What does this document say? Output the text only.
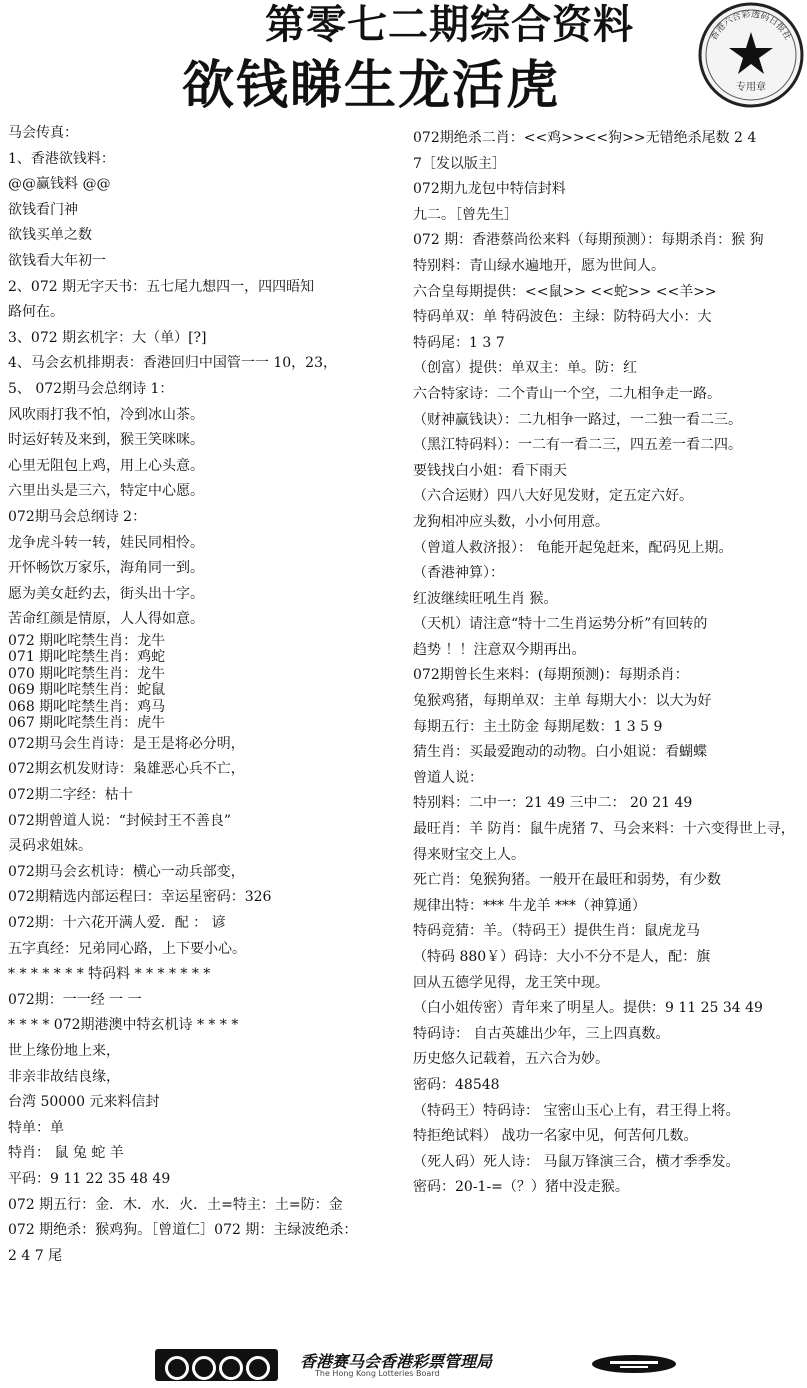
第零七二期综合资料
欲钱睇生龙活虎
香港六合彩透码日报社
专用章
马会传真：
1、香港欲钱料：
@@赢钱料 @@
欲钱看门神
欲钱买单之数
欲钱看大年初一
2、072 期无字天书：五七尾九想四一，四四晤知
路何在。
3、072 期玄机字：大（单）[?]
4、马会玄机排期表：香港回归中国管一一 10，23，
5、 072期马会总纲诗 1：
风吹雨打我不怕，冷到冰山茶。
时运好转及来到，猴王笑咪咪。
心里无阻包上鸡，用上心头意。
六里出头是三六，特定中心愿。
072期马会总纲诗 2：
龙争虎斗转一转，娃民同相怜。
开怀畅饮万家乐，海角同一到。
愿为美女赶约去，街头出十字。
苦命红颜是情原，人人得如意。
072 期叱咤禁生肖：龙牛
071 期叱咤禁生肖：鸡蛇
070 期叱咤禁生肖：龙牛
069 期叱咤禁生肖：蛇鼠
068 期叱咤禁生肖：鸡马
067 期叱咤禁生肖：虎牛
072期马会生肖诗：是王是将必分明，
072期玄机发财诗：枭雄恶心兵不亡，
072期二字经：枯十
072期曾道人说：“封候封王不善良”
灵码求姐妹。
072期马会玄机诗：横心一动兵部变，
072期精选内部运程曰：幸运星密码：326
072期：十六花开满人爱．配 ： 谚
五字真经：兄弟同心路，上下要小心。
* * * * * * * 特码料 * * * * * * *
072期：一一经 一 一
* * * * 072期港澳中特玄机诗 * * * *
世上缘份地上来，
非亲非故结良缘，
台湾 50000 元来料信封
特单：单
特肖： 鼠 兔 蛇 羊
平码：9 11 22 35 48 49
072 期五行：金．木．水．火．土=特主：土=防：金
072 期绝杀：猴鸡狗。［曾道仁］072 期：主绿波绝杀：
2 4 7 尾
072期绝杀二肖：<<鸡>><<狗>>无错绝杀尾数 2 4
7［发以版主］
072期九龙包中特信封料
九二。［曾先生］
072 期：香港蔡尚彸来料（每期预测）：每期杀肖：猴 狗
特别料：青山绿水遍地开，愿为世间人。
六合皇每期提供：<<鼠>> <<蛇>> <<羊>>
特码单双：单 特码波色：主绿：防特码大小：大
特码尾：1 3 7
（创富）提供：单双主：单。防：红
六合特家诗：二个青山一个空，二九相争走一路。
（财神赢钱诀）：二九相争一路过，一二独一看二三。
（黑江特码料）：一二有一看二三，四五差一看二四。
要钱找白小姐：看下雨天
（六合运财）四八大好见发财，定五定六好。
龙狗相冲应头数，小小何用意。
（曾道人救济报）： 龟能开起兔赶来，配码见上期。
（香港神算）：
红波继续旺吼生肖 猴。
（天机）请注意“特十二生肖运势分析”有回转的
趋势 ！！注意双今期再出。
072期曾长生来料：(每期预测)：每期杀肖：
兔猴鸡猪，每期单双：主单 每期大小：以大为好
每期五行：主土防金 每期尾数：1 3 5 9
猜生肖：买最爱跑动的动物。白小姐说：看蝴蝶
曾道人说：
特别料：二中一：21 49 三中二： 20 21 49
最旺肖：羊 防肖：鼠牛虎猪 7、马会来料：十六变得世上寻，
得来财宝交上人。
死亡肖：兔猴狗猪。一般开在最旺和弱势，有少数
规律出特：*** 牛龙羊 ***（神算通）
特码竞猜：羊。（特码王）提供生肖：鼠虎龙马
（特码 880￥）码诗：大小不分不是人，配：旗
回从五德学见得，龙王笑中现。
（白小姐传密）青年来了明星人。提供：9 11 25 34 49
特码诗： 自古英雄出少年，三上四真数。
历史悠久记载着，五六合为妙。
密码：48548
（特码王）特码诗： 宝密山玉心上有，君王得上将。
特拒绝试料） 战功一名家中见，何苦何几数。
（死人码）死人诗： 马鼠万锋演三合，横才季季发。
密码：20-1-=（？）猪中没走猴。
香港赛马会香港彩票管理局
The Hong Kong Lotteries Board
